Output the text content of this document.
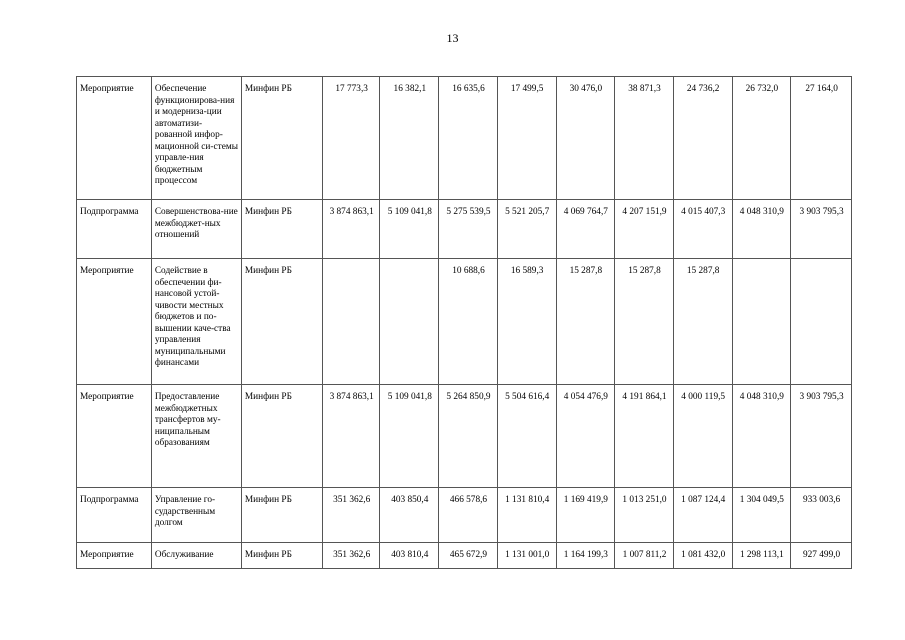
13
Мероприятие	Обеспечение функционирова-ния и модерниза-ции автоматизи-рованной инфор-мационной си-стемы управле-ния бюджетным процессом	Минфин РБ	17 773,3	16 382,1	16 635,6	17 499,5	30 476,0	38 871,3	24 736,2	26 732,0	27 164,0
Подпрограмма	Совершенствова-ние межбюджет-ных отношений	Минфин РБ	3 874 863,1	5 109 041,8	5 275 539,5	5 521 205,7	4 069 764,7	4 207 151,9	4 015 407,3	4 048 310,9	3 903 795,3
Мероприятие	Содействие в обеспечении фи-нансовой устой-чивости местных бюджетов и по-вышении каче-ства управления муниципальными финансами	Минфин РБ			10 688,6	16 589,3	15 287,8	15 287,8	15 287,8		
Мероприятие	Предоставление межбюджетных трансфертов му-ниципальным образованиям	Минфин РБ	3 874 863,1	5 109 041,8	5 264 850,9	5 504 616,4	4 054 476,9	4 191 864,1	4 000 119,5	4 048 310,9	3 903 795,3
Подпрограмма	Управление го-сударственным долгом	Минфин РБ	351 362,6	403 850,4	466 578,6	1 131 810,4	1 169 419,9	1 013 251,0	1 087 124,4	1 304 049,5	933 003,6
Мероприятие	Обслуживание	Минфин РБ	351 362,6	403 810,4	465 672,9	1 131 001,0	1 164 199,3	1 007 811,2	1 081 432,0	1 298 113,1	927 499,0
